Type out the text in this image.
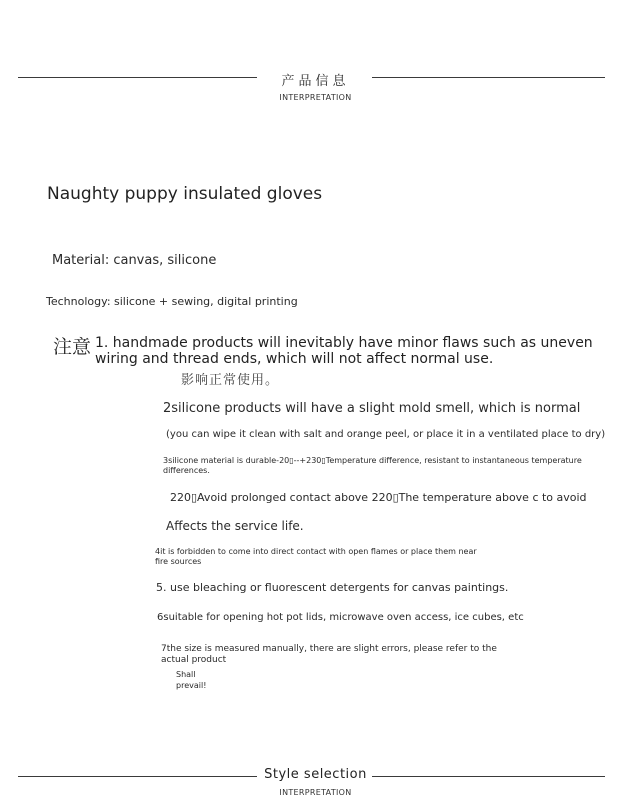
产品信息
INTERPRETATION
Naughty puppy insulated gloves
Material: canvas, silicone
Technology: silicone + sewing, digital printing
注意 1. handmade products will inevitably have minor flaws such as uneven wiring and thread ends, which will not affect normal use.
影响正常使用。
2silicone products will have a slight mold smell, which is normal
(you can wipe it clean with salt and orange peel, or place it in a ventilated place to dry)
3silicone material is durable-20▯--+230▯Temperature difference, resistant to instantaneous temperature differences.
220▯Avoid prolonged contact above 220▯The temperature above c to avoid
Affects the service life.
4it is forbidden to come into direct contact with open flames or place them near fire sources
5. use bleaching or fluorescent detergents for canvas paintings.
6suitable for opening hot pot lids, microwave oven access, ice cubes, etc
7the size is measured manually, there are slight errors, please refer to the actual product
Shall prevail!
Style selection
INTERPRETATION
